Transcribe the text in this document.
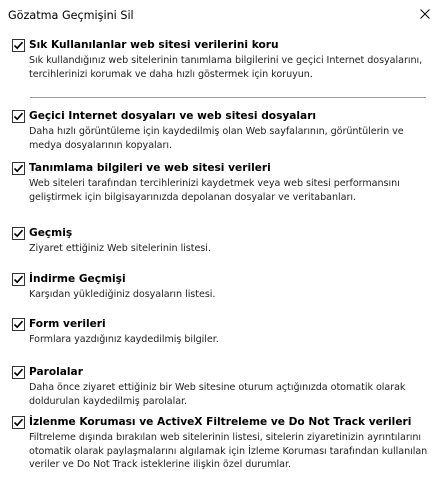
Gözatma Geçmişini Sil
Sık Kullanılanlar web sitesi verilerini koru
Sık kullandığınız web sitelerinin tanımlama bilgilerini ve geçici Internet dosyalarını, tercihlerinizi korumak ve daha hızlı göstermek için koruyun.
Geçici Internet dosyaları ve web sitesi dosyaları
Daha hızlı görüntüleme için kaydedilmiş olan Web sayfalarının, görüntülerin ve medya dosyalarının kopyaları.
Tanımlama bilgileri ve web sitesi verileri
Web siteleri tarafından tercihlerinizi kaydetmek veya web sitesi performansını geliştirmek için bilgisayarınızda depolanan dosyalar ve veritabanları.
Geçmiş
Ziyaret ettiğiniz Web sitelerinin listesi.
İndirme Geçmişi
Karşıdan yüklediğiniz dosyaların listesi.
Form verileri
Formlara yazdığınız kaydedilmiş bilgiler.
Parolalar
Daha önce ziyaret ettiğiniz bir Web sitesine oturum açtığınızda otomatik olarak doldurulan kaydedilmiş parolalar.
İzlenme Koruması ve ActiveX Filtreleme ve Do Not Track verileri
Filtreleme dışında bırakılan web sitelerinin listesi, sitelerin ziyaretinizin ayrıntılarını otomatik olarak paylaşmalarını algılamak için İzleme Koruması tarafından kullanılan veriler ve Do Not Track isteklerine ilişkin özel durumlar.
